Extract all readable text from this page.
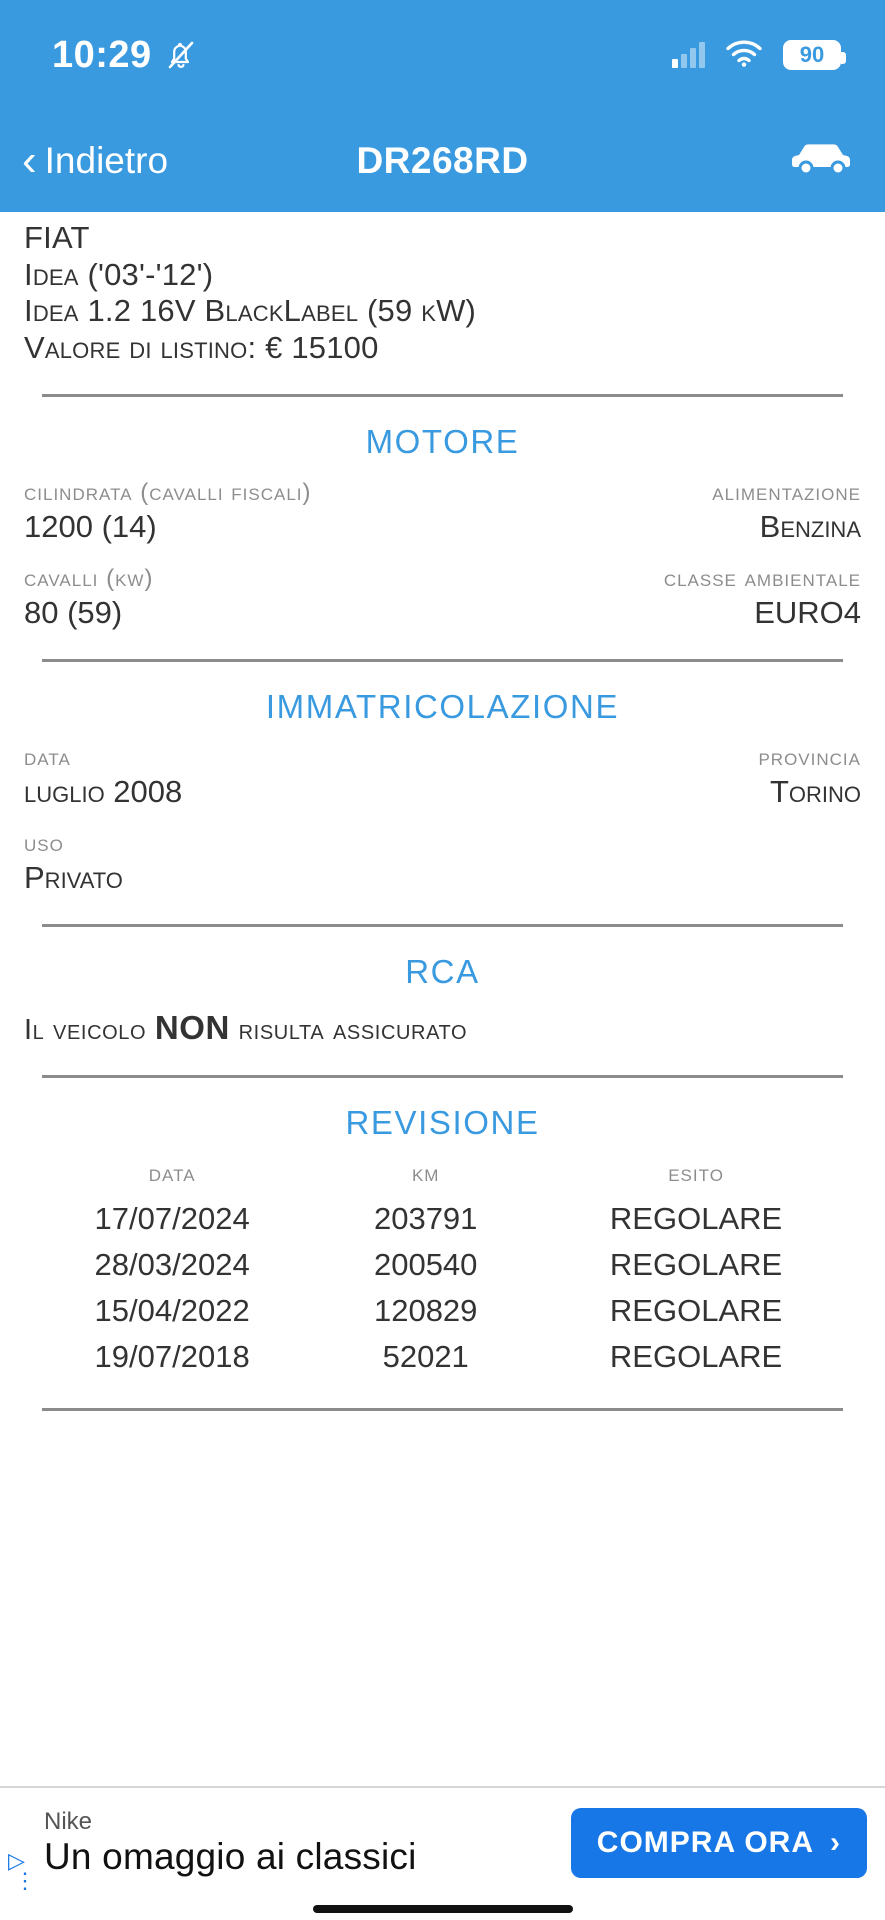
10:29	90
‹ Indietro	DR268RD
FIAT
Idea ('03'-'12')
Idea 1.2 16V BlackLabel (59 kW)
Valore di listino: € 15100
MOTORE
cilindrata (cavalli fiscali)
1200 (14)
alimentazione
Benzina
cavalli (kw)
80 (59)
classe ambientale
EURO4
IMMATRICOLAZIONE
data
luglio 2008
provincia
Torino
uso
Privato
RCA
Il veicolo NON risulta assicurato
REVISIONE
data	km	esito
17/07/2024	203791	REGOLARE
28/03/2024	200540	REGOLARE
15/04/2022	120829	REGOLARE
19/07/2018	52021	REGOLARE
▷
⋮
Nike
Un omaggio ai classici	COMPRA ORA ›
